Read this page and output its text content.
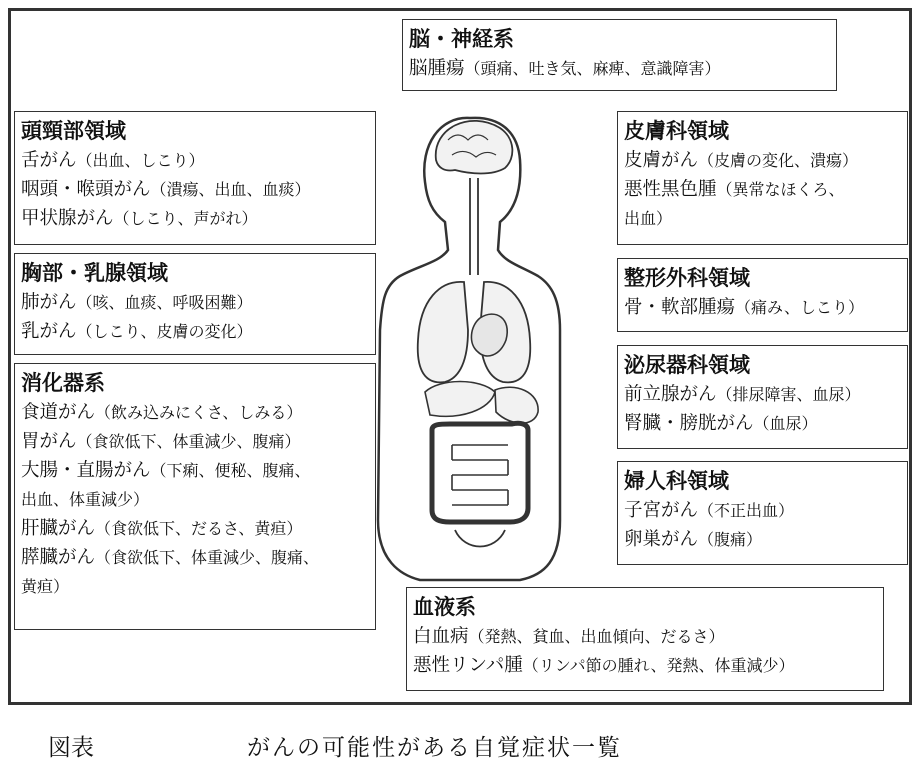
脳・神経系
脳腫瘍（頭痛、吐き気、麻痺、意識障害）
頭頸部領域
舌がん（出血、しこり）
咽頭・喉頭がん（潰瘍、出血、血痰）
甲状腺がん（しこり、声がれ）
胸部・乳腺領域
肺がん（咳、血痰、呼吸困難）
乳がん（しこり、皮膚の変化）
消化器系
食道がん（飲み込みにくさ、しみる）
胃がん（食欲低下、体重減少、腹痛）
大腸・直腸がん（下痢、便秘、腹痛、
出血、体重減少）
肝臓がん（食欲低下、だるさ、黄疸）
膵臓がん（食欲低下、体重減少、腹痛、
黄疸）
皮膚科領域
皮膚がん（皮膚の変化、潰瘍）
悪性黒色腫（異常なほくろ、
出血）
整形外科領域
骨・軟部腫瘍（痛み、しこり）
泌尿器科領域
前立腺がん（排尿障害、血尿）
腎臓・膀胱がん（血尿）
婦人科領域
子宮がん（不正出血）
卵巣がん（腹痛）
血液系
白血病（発熱、貧血、出血傾向、だるさ）
悪性リンパ腫（リンパ節の腫れ、発熱、体重減少）
図表	がんの可能性がある自覚症状一覧
